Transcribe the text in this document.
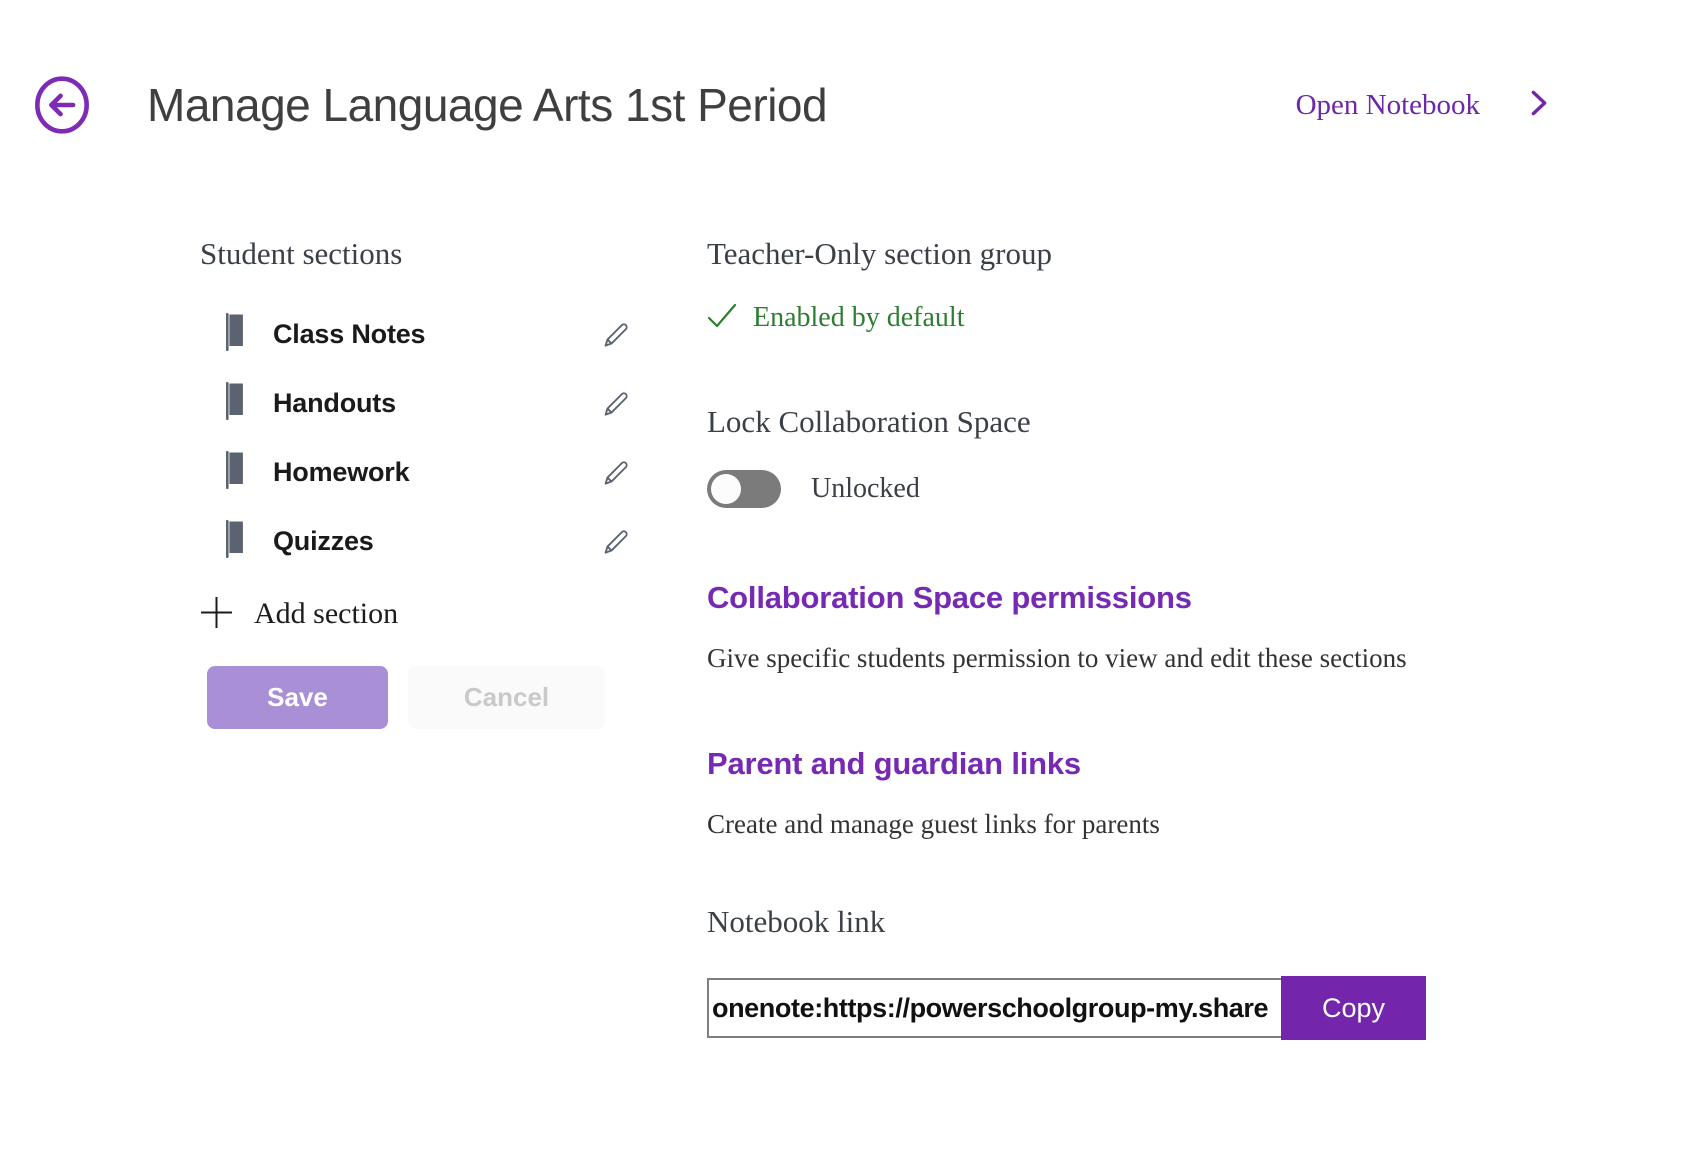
Manage Language Arts 1st Period	Open Notebook
Student sections
Class Notes
Handouts
Homework
Quizzes
Add section
Save	Cancel
Teacher-Only section group
Enabled by default
Lock Collaboration Space
Unlocked
Collaboration Space permissions

Give specific students permission to view and edit these sections

Parent and guardian links

Create and manage guest links for parents

Notebook link
onenote:https://powerschoolgroup-my.share
Copy
